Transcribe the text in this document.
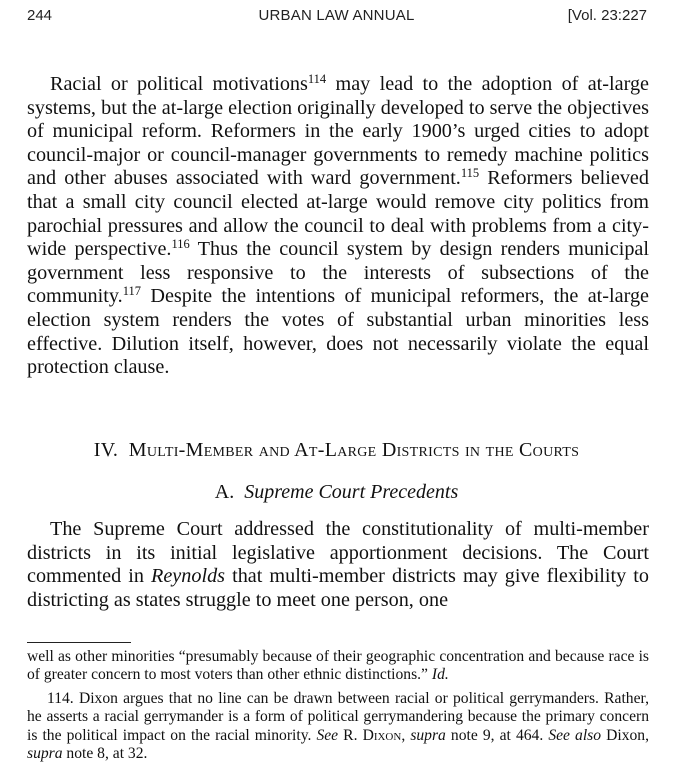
244	URBAN LAW ANNUAL	[Vol. 23:227

Racial or political motivations$^{114}$ may lead to the adoption of at-large systems, but the at-large election originally developed to serve the objectives of municipal reform. Reformers in the early 1900’s urged cities to adopt council-major or council-manager governments to remedy machine politics and other abuses associated with ward government.$^{115}$ Reformers believed that a small city council elected at-large would remove city politics from parochial pressures and allow the council to deal with problems from a city-wide perspective.$^{116}$ Thus the council system by design renders municipal government less responsive to the interests of subsections of the community.$^{117}$ Despite the intentions of municipal reformers, the at-large election system renders the votes of substantial urban minorities less effective. Dilution itself, however, does not necessarily violate the equal protection clause.

IV. Multi-Member and At-Large Districts in the Courts
A. Supreme Court Precedents

The Supreme Court addressed the constitutionality of multi-member districts in its initial legislative apportionment decisions. The Court commented in Reynolds that multi-member districts may give flexibility to districting as states struggle to meet one person, one

well as other minorities “presumably because of their geographic concentration and because race is of greater concern to most voters than other ethnic distinctions.” Id.

114. Dixon argues that no line can be drawn between racial or political gerrymanders. Rather, he asserts a racial gerrymander is a form of political gerrymandering because the primary concern is the political impact on the racial minority. See R. Dixon, supra note 9, at 464. See also Dixon, supra note 8, at 32.
